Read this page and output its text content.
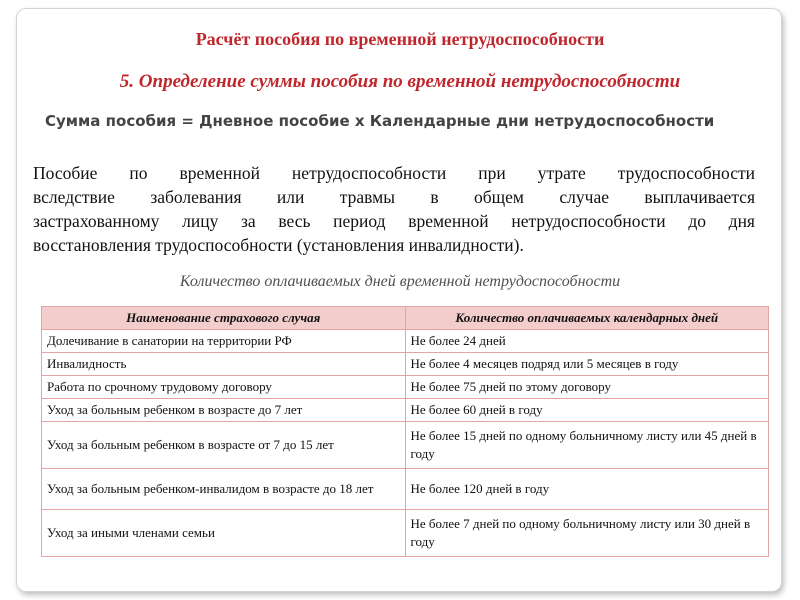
Расчёт пособия по временной нетрудоспособности
5. Определение суммы пособия по временной нетрудоспособности
Сумма пособия = Дневное пособие х Календарные дни нетрудоспособности
Пособие по временной нетрудоспособности при утрате трудоспособности
вследствие заболевания или травмы в общем случае выплачивается
застрахованному лицу за весь период временной нетрудоспособности до дня
восстановления трудоспособности (установления инвалидности).
Количество оплачиваемых дней временной нетрудоспособности
Наименование страхового случая	Количество оплачиваемых календарных дней
Долечивание в санатории на территории РФ	Не более 24 дней
Инвалидность	Не более 4 месяцев подряд или 5 месяцев в году
Работа по срочному трудовому договору	Не более 75 дней по этому договору
Уход за больным ребенком в возрасте до 7 лет	Не более 60 дней в году
Уход за больным ребенком в возрасте от 7 до 15 лет	Не более 15 дней по одному больничному листу или 45 дней в году
Уход за больным ребенком-инвалидом в возрасте до 18 лет	Не более 120 дней в году
Уход за иными членами семьи	Не более 7 дней по одному больничному листу или 30 дней в году
